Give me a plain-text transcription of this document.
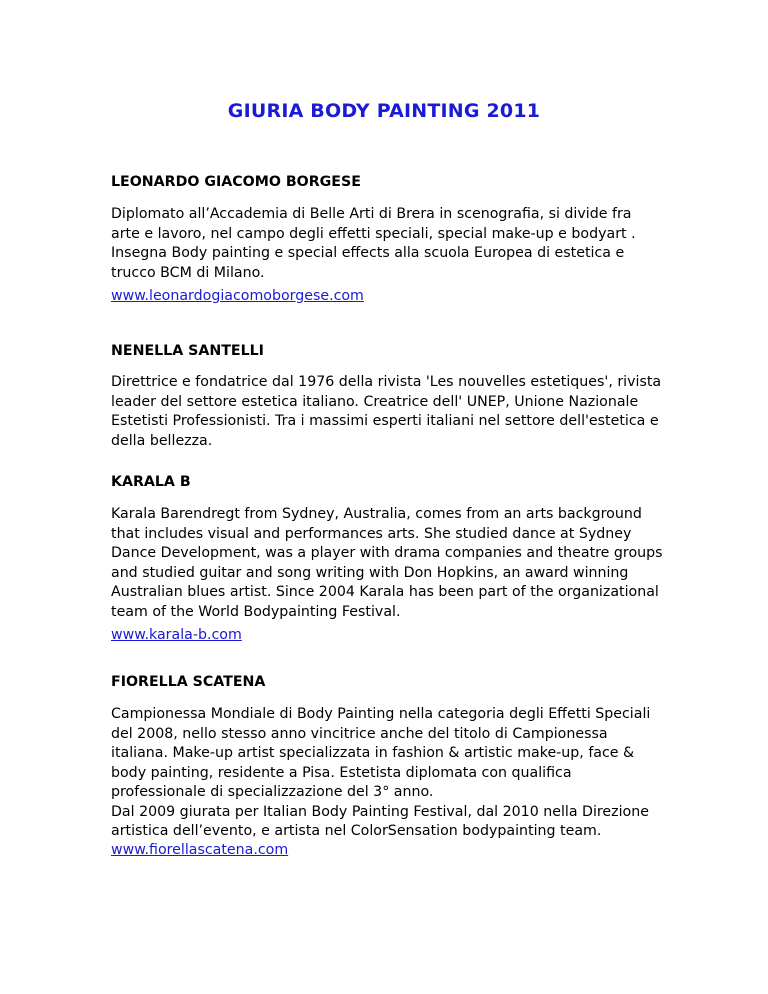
GIURIA BODY PAINTING 2011
LEONARDO GIACOMO BORGESE
Diplomato all’Accademia di Belle Arti di Brera in scenografia, si divide fra
arte e lavoro, nel campo degli effetti speciali, special make-up e bodyart .
Insegna Body painting e special effects alla scuola Europea di estetica e
trucco BCM di Milano.
www.leonardogiacomoborgese.com
NENELLA SANTELLI
Direttrice e fondatrice dal 1976 della rivista 'Les nouvelles estetiques', rivista
leader del settore estetica italiano. Creatrice dell' UNEP, Unione Nazionale
Estetisti Professionisti. Tra i massimi esperti italiani nel settore dell'estetica e
della bellezza.
KARALA B
Karala Barendregt from Sydney, Australia, comes from an arts background
that includes visual and performances arts. She studied dance at Sydney
Dance Development, was a player with drama companies and theatre groups
and studied guitar and song writing with Don Hopkins, an award winning
Australian blues artist. Since 2004 Karala has been part of the organizational
team of the World Bodypainting Festival.
www.karala-b.com
FIORELLA SCATENA
Campionessa Mondiale di Body Painting nella categoria degli Effetti Speciali
del 2008, nello stesso anno vincitrice anche del titolo di Campionessa
italiana. Make-up artist specializzata in fashion & artistic make-up, face &
body painting, residente a Pisa. Estetista diplomata con qualifica
professionale di specializzazione del 3° anno.
Dal 2009 giurata per Italian Body Painting Festival, dal 2010 nella Direzione
artistica dell’evento, e artista nel ColorSensation bodypainting team.
www.fiorellascatena.com
